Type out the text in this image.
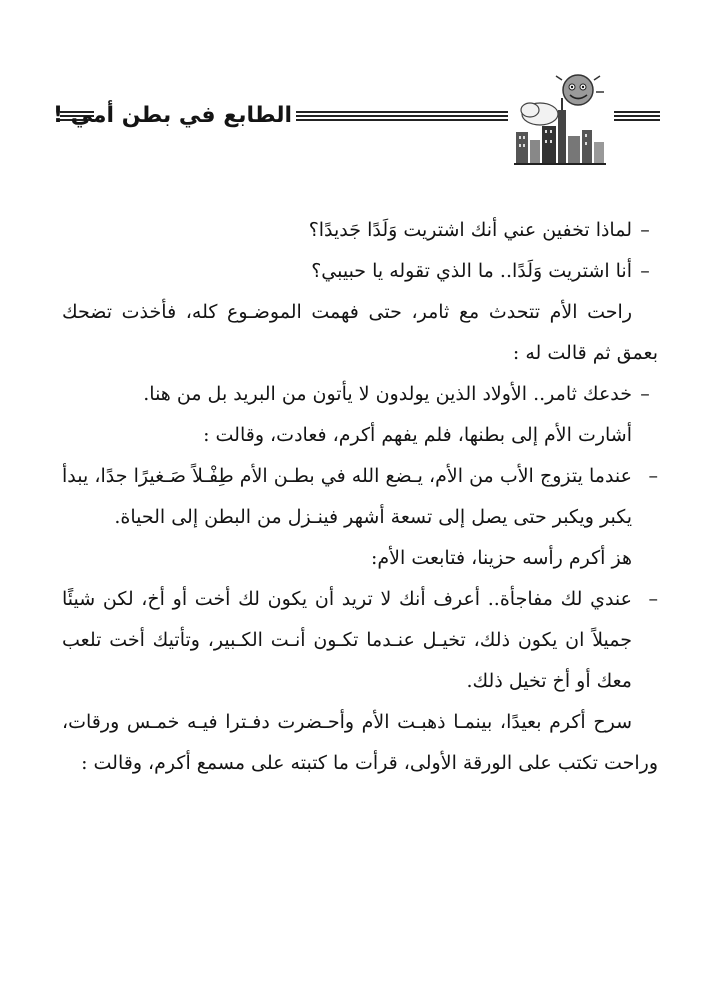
الطابع في بطن أمي !

–لماذا تخفين عني أنك اشتريت وَلَدًا جَديدًا؟

–أنا اشتريت وَلَدًا.. ما الذي تقوله يا حبيبي؟

راحت الأم تتحدث مع ثامر، حتى فهمت الموضـوع كله، فأخذت تضحك بعمق ثم قالت له :

–خدعك ثامر.. الأولاد الذين يولدون لا يأتون من البريد بل من هنا.

أشارت الأم إلى بطنها، فلم يفهم أكرم، فعادت، وقالت :

–عندما يتزوج الأب من الأم، يـضع الله في بطـن الأم طِفْـلاً صَـغيرًا جدًا، يبدأ يكبر ويكبر حتى يصل إلى تسعة أشهر فينـزل من البطن إلى الحياة.

هز أكرم رأسه حزينا، فتابعت الأم:

–عندي لك مفاجأة.. أعرف أنك لا تريد أن يكون لك أخت أو أخ، لكن شيئًا جميلاً ان يكون ذلك، تخيـل عنـدما تكـون أنـت الكـبير، وتأتيك أخت تلعب معك أو أخ تخيل ذلك.

سرح أكرم بعيدًا، بينمـا ذهبـت الأم وأحـضرت دفـترا فيـه خمـس ورقات، وراحت تكتب على الورقة الأولى، قرأت ما كتبته على مسمع أكرم، وقالت :
